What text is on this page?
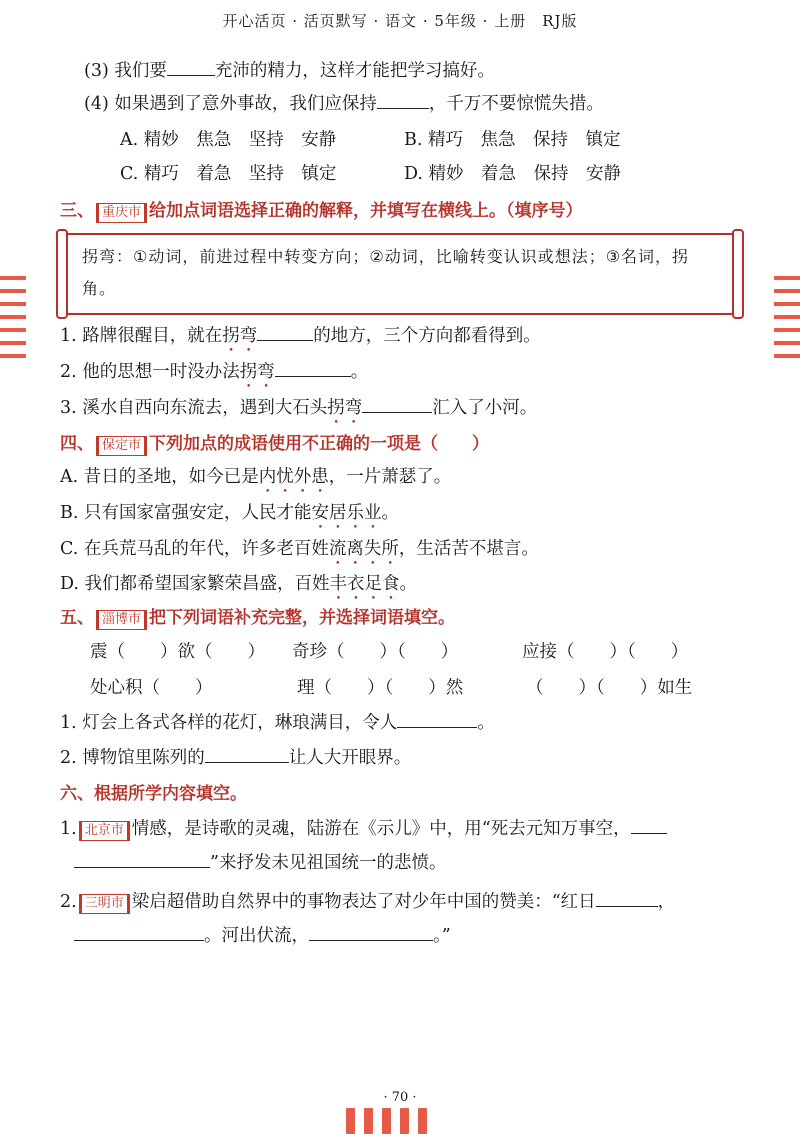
开心活页 · 活页默写 · 语文 · 5年级 · 上册　RJ版
(3) 我们要	充沛的精力，这样才能把学习搞好。
(4) 如果遇到了意外事故，我们应保持	，千万不要惊慌失措。
A. 精妙　焦急　坚持　安静	B. 精巧　焦急　保持　镇定
C. 精巧　着急　坚持　镇定	D. 精妙　着急　保持　安静
三、 重庆市 给加点词语选择正确的解释，并填写在横线上。（填序号）
拐弯：①动词，前进过程中转变方向；②动词，比喻转变认识或想法；③名词，拐角。
1. 路牌很醒目，就在拐弯	的地方，三个方向都看得到。
2. 他的思想一时没办法拐弯	。
3. 溪水自西向东流去，遇到大石头拐弯	汇入了小河。
四、 保定市 下列加点的成语使用不正确的一项是（　　）
A. 昔日的圣地，如今已是内忧外患，一片萧瑟了。
B. 只有国家富强安定，人民才能安居乐业。
C. 在兵荒马乱的年代，许多老百姓流离失所，生活苦不堪言。
D. 我们都希望国家繁荣昌盛，百姓丰衣足食。
五、 淄博市 把下列词语补充完整，并选择词语填空。
震（　　）欲（　　） 奇珍（　　）（　　）	应接（　　）（　　）
处心积（　　）	理（　　）（　　）然	（　　）（　　）如生
1. 灯会上各式各样的花灯，琳琅满目，令人	。
2. 博物馆里陈列的	让人大开眼界。
六、根据所学内容填空。
1. 北京市 情感，是诗歌的灵魂，陆游在《示儿》中，用“死去元知万事空，
”来抒发未见祖国统一的悲愤。
2. 三明市 梁启超借助自然界中的事物表达了对少年中国的赞美：“红日	，
。河出伏流，	。”
· 70 ·
